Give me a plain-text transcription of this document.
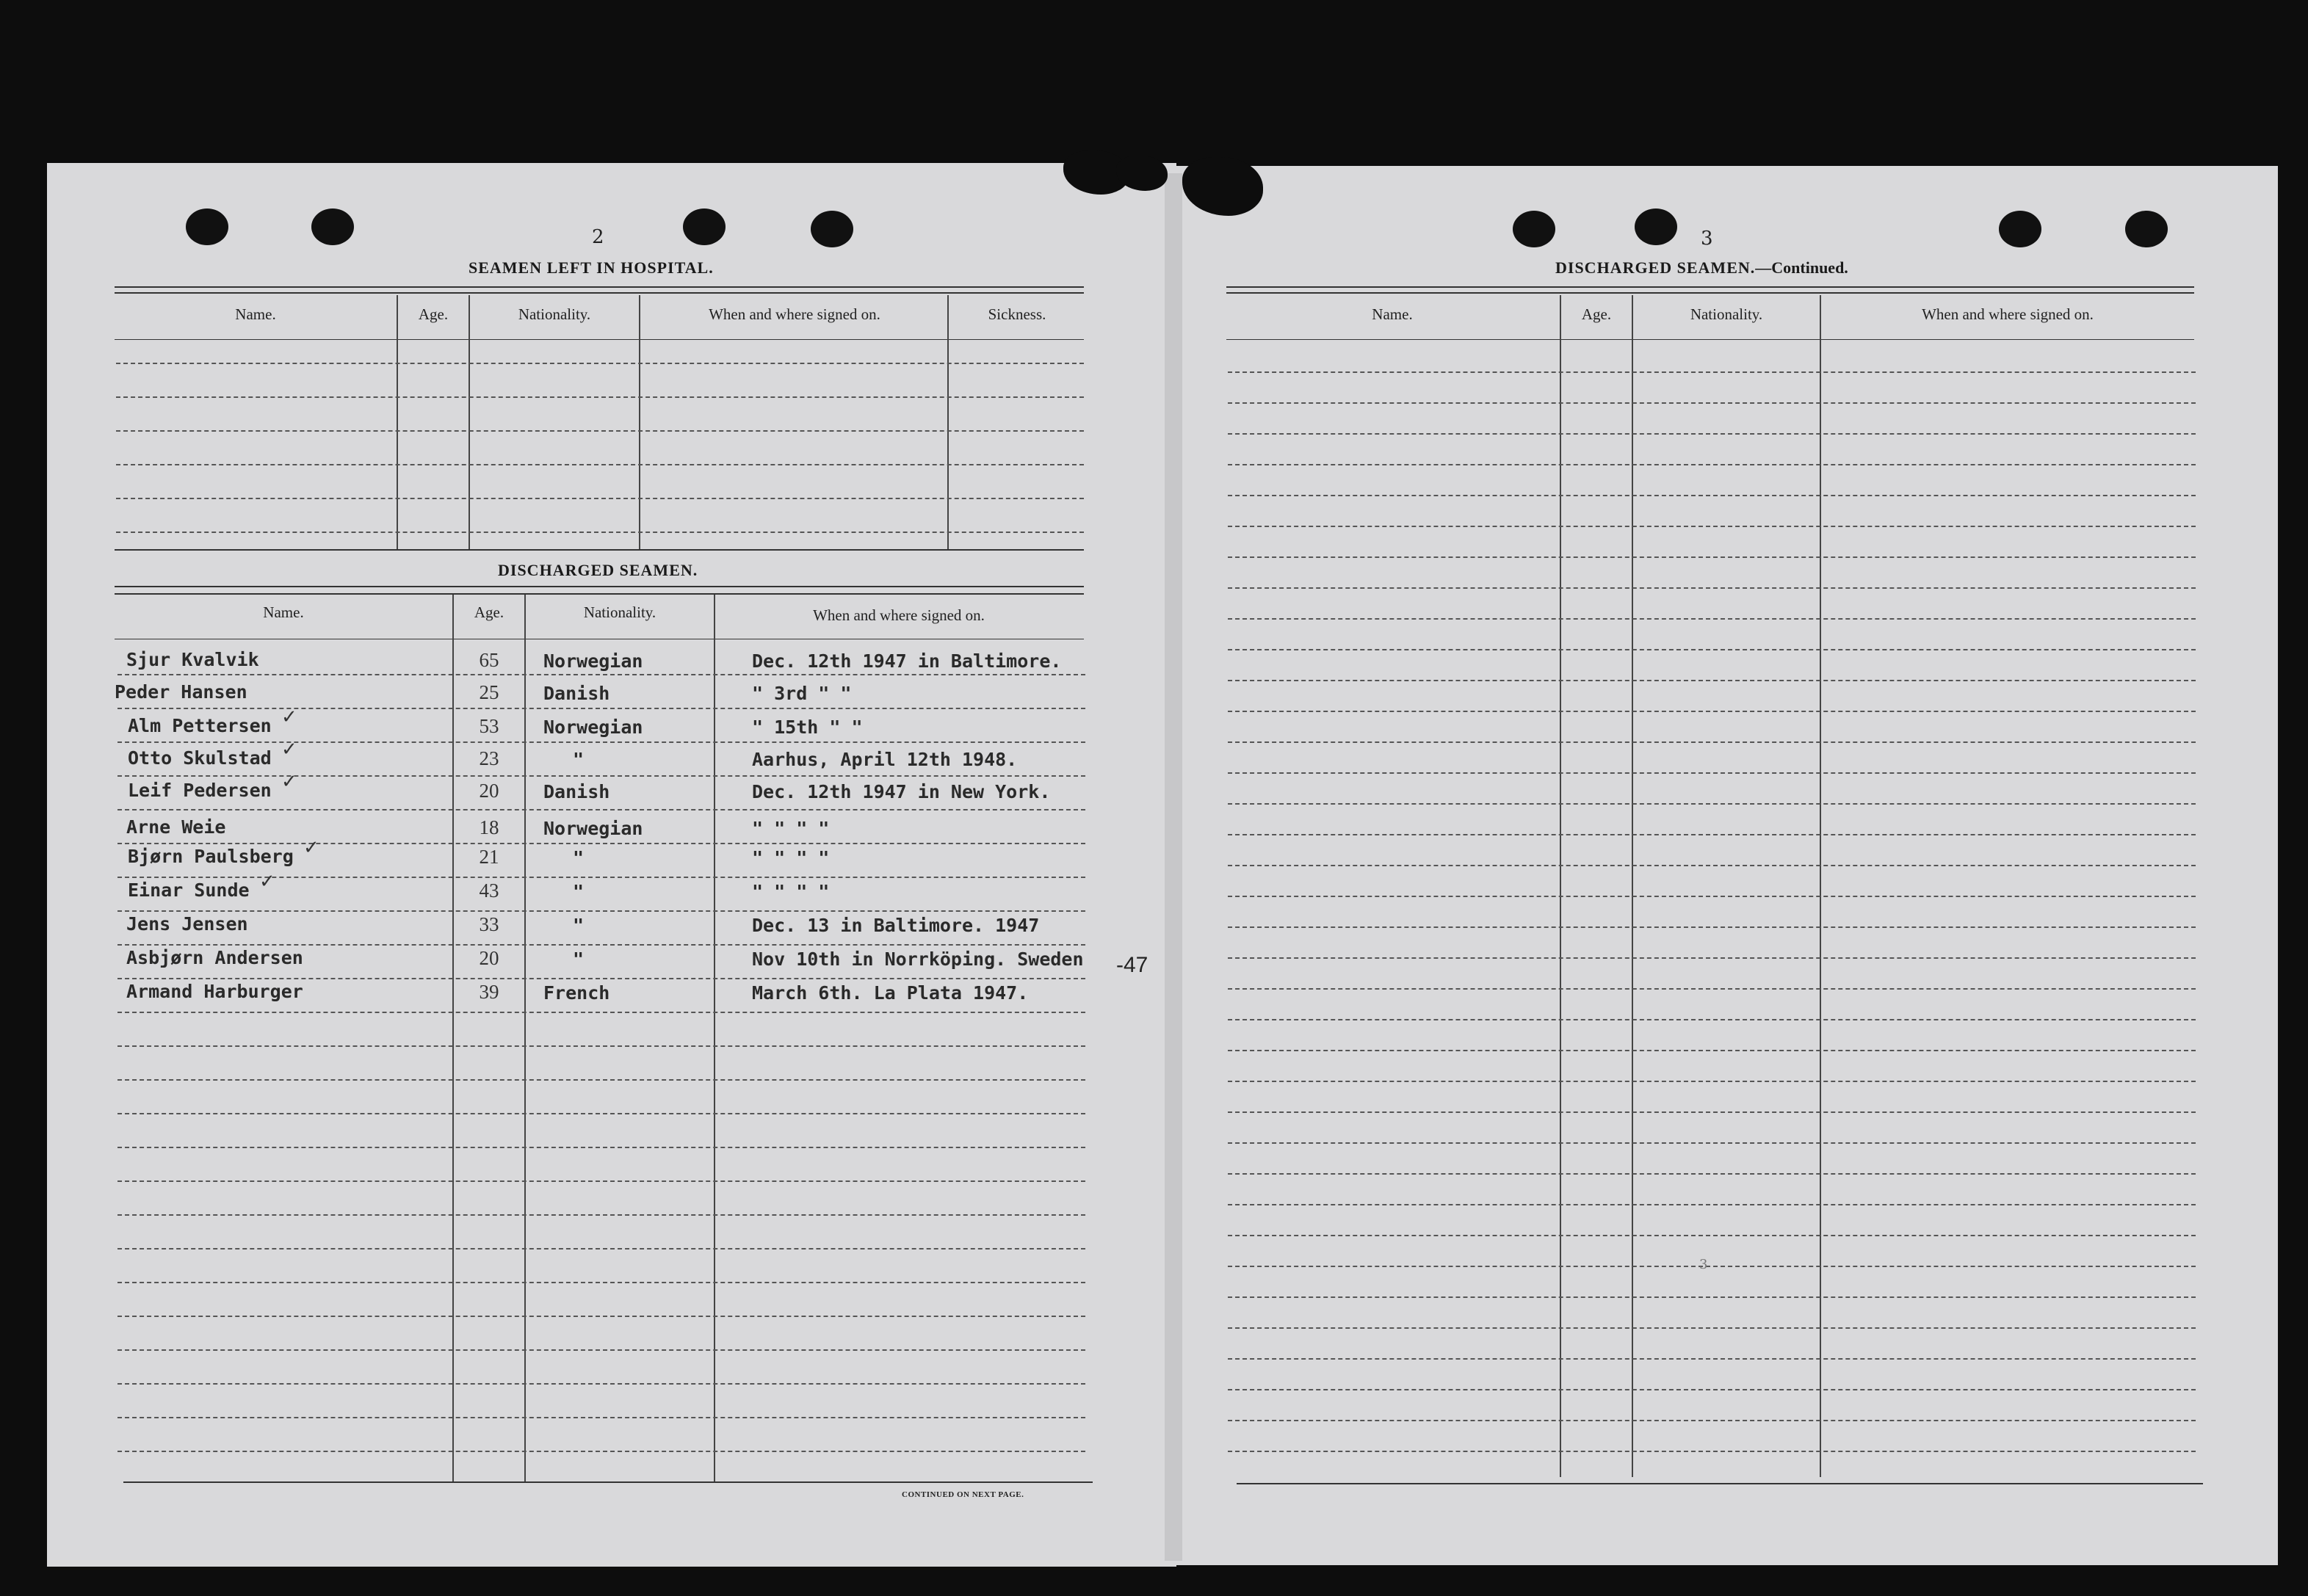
2
SEAMEN LEFT IN HOSPITAL.
Name.	Age.	Nationality.	When and where signed on.	Sickness.
DISCHARGED SEAMEN.
Name.	Age.	Nationality.	When and where signed on.
Sjur Kvalvik	65	Norwegian	Dec. 12th 1947 in Baltimore.
Peder Hansen	25	Danish	" 3rd " "
Alm Pettersen	53	Norwegian	" 15th " "
✓
Otto Skulstad	23	"	Aarhus, April 12th 1948.
✓
Leif Pedersen	20	Danish	Dec. 12th 1947 in New York.
✓
Arne Weie	18	Norwegian	" " " "
Bjørn Paulsberg	21	"	" " " "
✓
Einar Sunde	43	"	" " " "
✓
Jens Jensen	33	"	Dec. 13 in Baltimore. 1947
Asbjørn Andersen	20	"	Nov 10th in Norrköping. Sweden
Armand Harburger	39	French	March 6th. La Plata 1947.
-47
CONTINUED ON NEXT PAGE.
3
DISCHARGED SEAMEN.—Continued.
Name.	Age.	Nationality.	When and where signed on.
3
